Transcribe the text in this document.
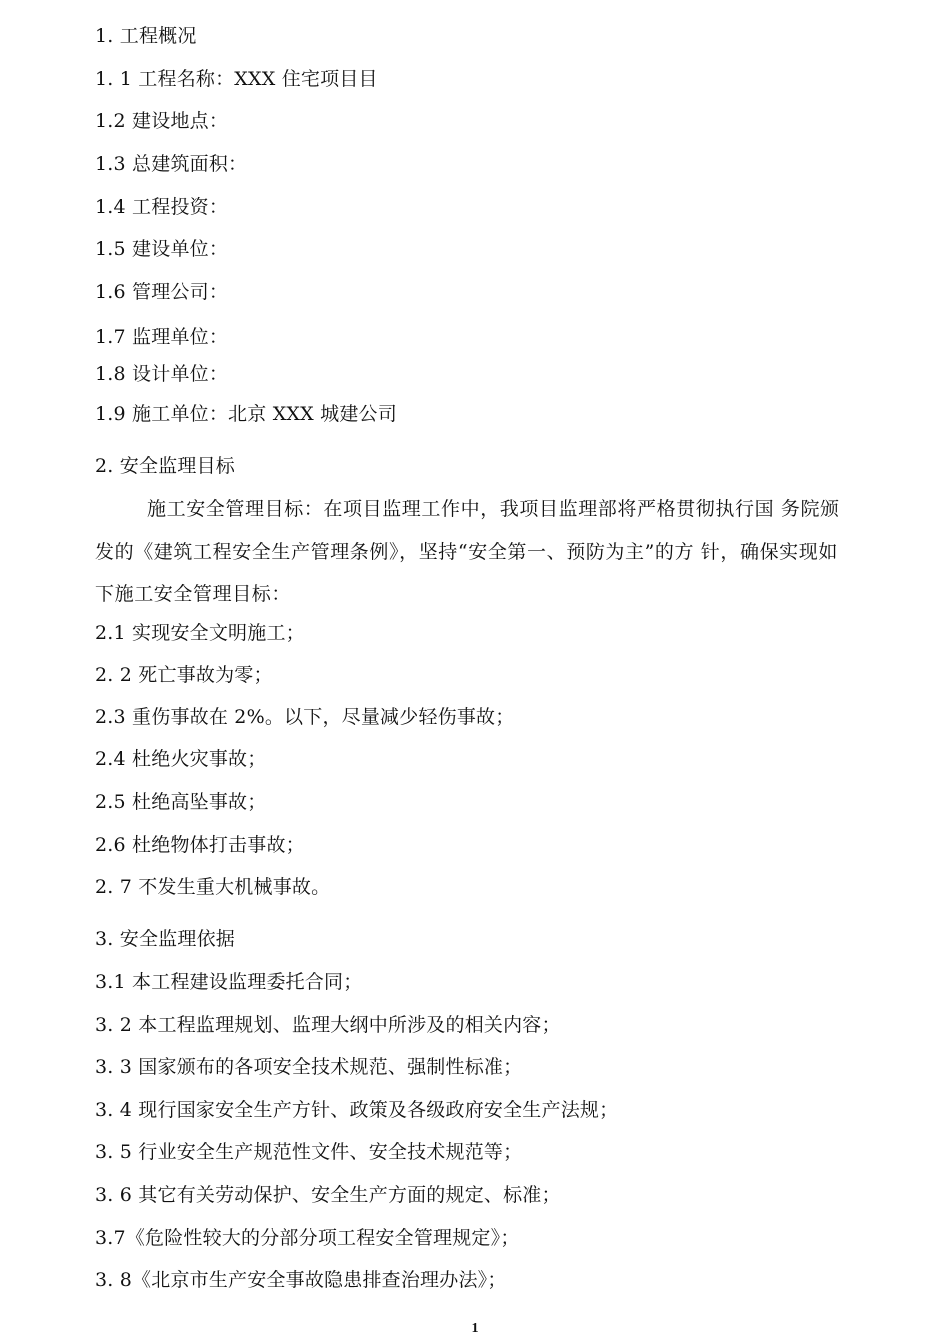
1. 工程概况
1. 1 工程名称：XXX 住宅项目目
1.2 建设地点：
1.3 总建筑面积：
1.4 工程投资：
1.5 建设单位：
1.6 管理公司：
1.7 监理单位：
1.8 设计单位：
1.9 施工单位：北京 XXX 城建公司
2. 安全监理目标
施工安全管理目标：在项目监理工作中，我项目监理部将严格贯彻执行国 务院颁发的《建筑工程安全生产管理条例》，坚持“安全第一、预防为主”的方 针，确保实现如下施工安全管理目标：
2.1 实现安全文明施工；
2. 2 死亡事故为零；
2.3 重伤事故在 2%。以下，尽量减少轻伤事故；
2.4 杜绝火灾事故；
2.5 杜绝高坠事故；
2.6 杜绝物体打击事故；
2. 7 不发生重大机械事故。
3. 安全监理依据
3.1 本工程建设监理委托合同；
3. 2 本工程监理规划、监理大纲中所涉及的相关内容；
3. 3 国家颁布的各项安全技术规范、强制性标准；
3. 4 现行国家安全生产方针、政策及各级政府安全生产法规；
3. 5 行业安全生产规范性文件、安全技术规范等；
3. 6 其它有关劳动保护、安全生产方面的规定、标准；
3.7《危险性较大的分部分项工程安全管理规定》；
3. 8《北京市生产安全事故隐患排查治理办法》；
1
